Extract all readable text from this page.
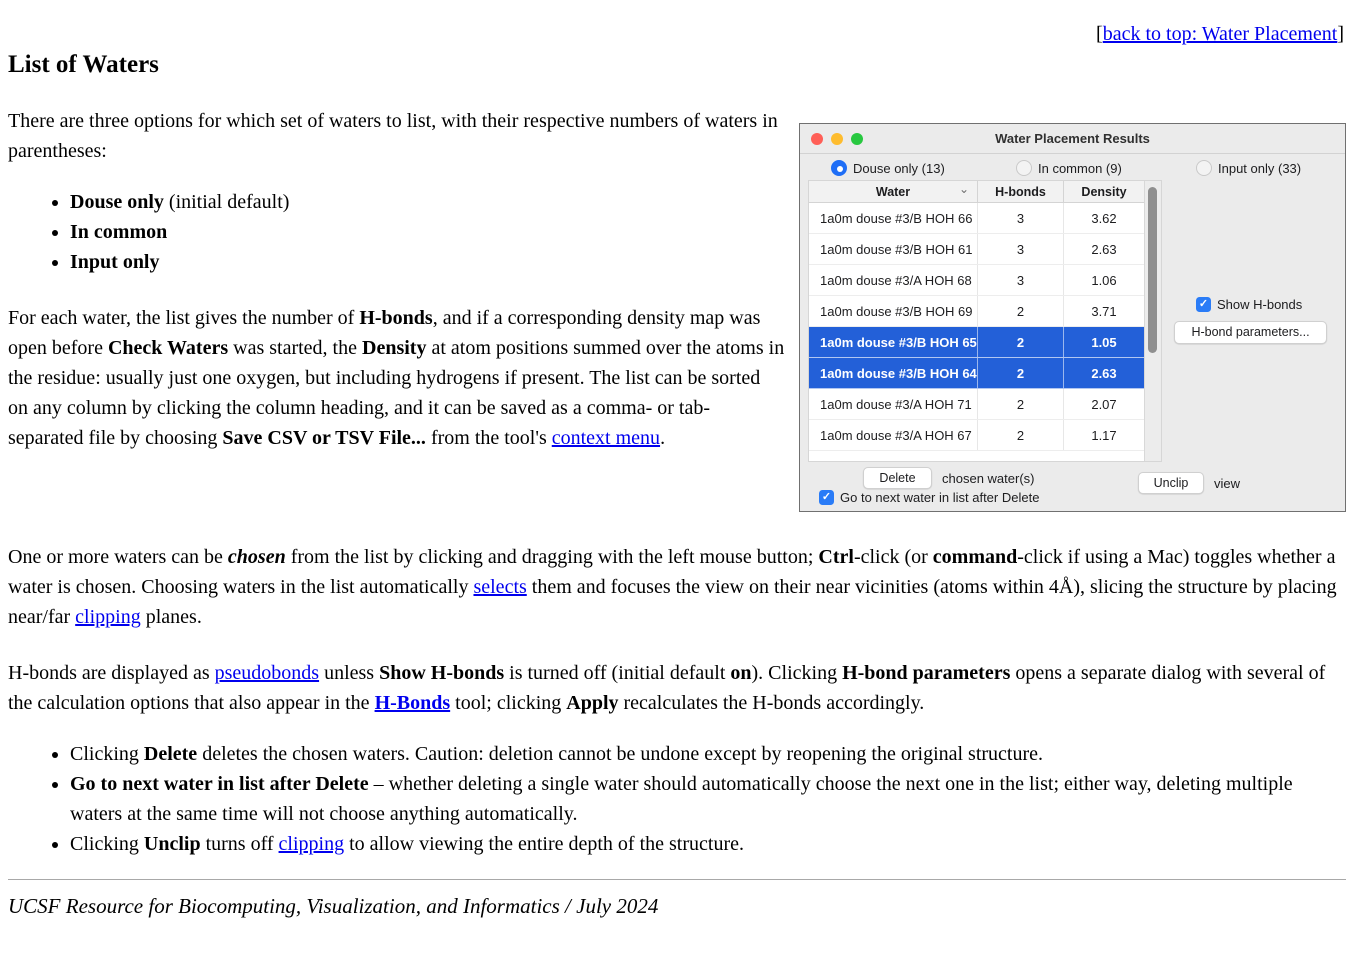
[back to top: Water Placement]
List of Waters
Water Placement Results
Douse only (13)	In common (9)	Input only (33)
Water	⌄ H-bonds	Density
1a0m douse #3/B HOH 66	3	3.62
1a0m douse #3/B HOH 61	3	2.63
1a0m douse #3/A HOH 68	3	1.06
1a0m douse #3/B HOH 69	2	3.71
1a0m douse #3/B HOH 65	2	1.05
1a0m douse #3/B HOH 64	2	2.63
1a0m douse #3/A HOH 71	2	2.07
1a0m douse #3/A HOH 67	2	1.17
✓ Show H-bonds
H-bond parameters...
Delete	chosen water(s)	Unclip	view
✓ Go to next water in list after Delete

There are three options for which set of waters to list, with their respective numbers of waters in parentheses:

• Douse only (initial default)
• In common
• Input only

For each water, the list gives the number of H-bonds, and if a corresponding density map was open before Check Waters was started, the Density at atom positions summed over the atoms in the residue: usually just one oxygen, but including hydrogens if present. The list can be sorted on any column by clicking the column heading, and it can be saved as a comma- or tab-separated file by choosing Save CSV or TSV File... from the tool's context menu.

One or more waters can be chosen from the list by clicking and dragging with the left mouse button; Ctrl-click (or command-click if using a Mac) toggles whether a water is chosen. Choosing waters in the list automatically selects them and focuses the view on their near vicinities (atoms within 4Å), slicing the structure by placing near/far clipping planes.

H-bonds are displayed as pseudobonds unless Show H-bonds is turned off (initial default on). Clicking H-bond parameters opens a separate dialog with several of the calculation options that also appear in the H-Bonds tool; clicking Apply recalculates the H-bonds accordingly.

• Clicking Delete deletes the chosen waters. Caution: deletion cannot be undone except by reopening the original structure.
• Go to next water in list after Delete – whether deleting a single water should automatically choose the next one in the list; either way, deleting multiple waters at the same time will not choose anything automatically.
• Clicking Unclip turns off clipping to allow viewing the entire depth of the structure.
UCSF Resource for Biocomputing, Visualization, and Informatics / July 2024
